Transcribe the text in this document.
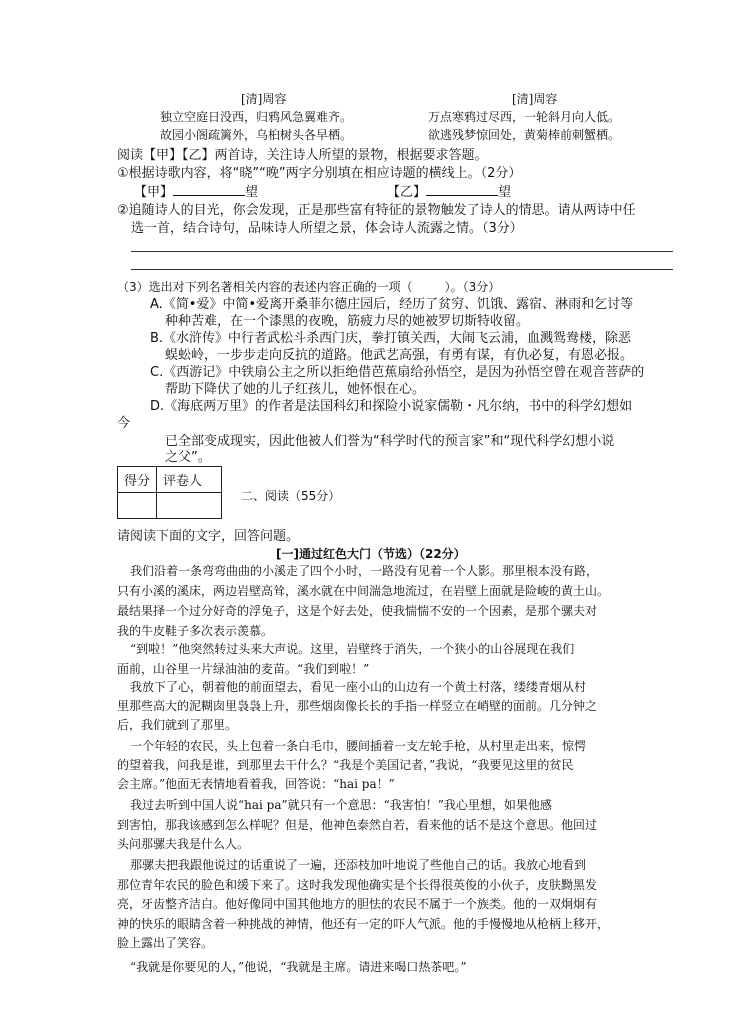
[清]周容	[清]周容
独立空庭日没西，归鸦风急翼难齐。	万点寒鸦过尽西，一轮斜月向人低。
故园小阁疏篱外，乌桕树头各早栖。	欲逃残梦惊回处，黄菊棒前刺蟹栖。
阅读【甲】【乙】两首诗，关注诗人所望的景物，根据要求答题。
①根据诗歌内容，将“晓”“晚”两字分别填在相应诗题的横线上。（2分）
【甲】	望	【乙】	望
②追随诗人的目光，你会发现，正是那些富有特征的景物触发了诗人的情思。请从两诗中任
选一首，结合诗句，品味诗人所望之景，体会诗人流露之情。（3分）
（3）选出对下列名著相关内容的表述内容正确的一项（	）。（3分）
A.《简•爱》中简•爱离开桑菲尔德庄园后，经历了贫穷、饥饿、露宿、淋雨和乞讨等
种种苦难，在一个漆黑的夜晚，筋疲力尽的她被罗切斯特收留。
B.《水浒传》中行者武松斗杀西门庆，拳打镇关西，大闹飞云浦，血溅鸳鸯楼，除恶
蜈蚣岭，一步步走向反抗的道路。他武艺高强，有勇有谋，有仇必复，有恩必报。
C.《西游记》中铁扇公主之所以拒绝借芭蕉扇给孙悟空，是因为孙悟空曾在观音菩萨的
帮助下降伏了她的儿子红孩儿，她怀恨在心。
D.《海底两万里》的作者是法国科幻和探险小说家儒勒・凡尔纳，书中的科学幻想如
今
已全部变成现实，因此他被人们誉为“科学时代的预言家”和“现代科学幻想小说
之父”。
得分	评卷人

二、阅读（55分）
请阅读下面的文字，回答问题。
[一]通过红色大门（节选）（22分）
我们沿着一条弯弯曲曲的小溪走了四个小时，一路没有见着一个人影。那里根本没有路，
只有小溪的溪床，两边岩壁高耸，溪水就在中间湍急地流过，在岩壁上面就是险峻的黄土山。
最结果择一个过分好奇的浮兔子，这是个好去处，使我惴惴不安的一个因素，是那个骡夫对
我的牛皮鞋子多次表示羡慕。
“到啦！”他突然转过头来大声说。这里，岩壁终于消失，一个狭小的山谷展现在我们
面前，山谷里一片绿油油的麦苗。“我们到啦！”
我放下了心，朝着他的前面望去，看见一座小山的山边有一个黄土村落，缕缕青烟从村
里那些高大的泥糊囱里袅袅上升，那些烟囱像长长的手指一样竖立在峭壁的面前。几分钟之
后，我们就到了那里。
一个年轻的农民，头上包着一条白毛巾，腰间插着一支左轮手枪，从村里走出来，惊愕
的望着我，问我是谁，到那里去干什么？“我是个美国记者，”我说，“我要见这里的贫民
会主席。”他面无表情地看着我，回答说：“hai pa！”
我过去听到中国人说“hai pa”就只有一个意思：“我害怕！”我心里想，如果他感
到害怕，那我该感到怎么样呢？但是，他神色泰然自若，看来他的话不是这个意思。他回过
头问那骡夫我是什么人。
那骡夫把我跟他说过的话重说了一遍，还添枝加叶地说了些他自己的话。我放心地看到
那位青年农民的脸色和缓下来了。这时我发现他确实是个长得很英俊的小伙子，皮肤黝黑发
亮，牙齿整齐洁白。他好像同中国其他地方的胆怯的农民不属于一个族类。他的一双炯炯有
神的快乐的眼睛含着一种挑战的神情，他还有一定的吓人气派。他的手慢慢地从枪柄上移开，
脸上露出了笑容。
“我就是你要见的人，”他说，“我就是主席。请进来喝口热茶吧。”
